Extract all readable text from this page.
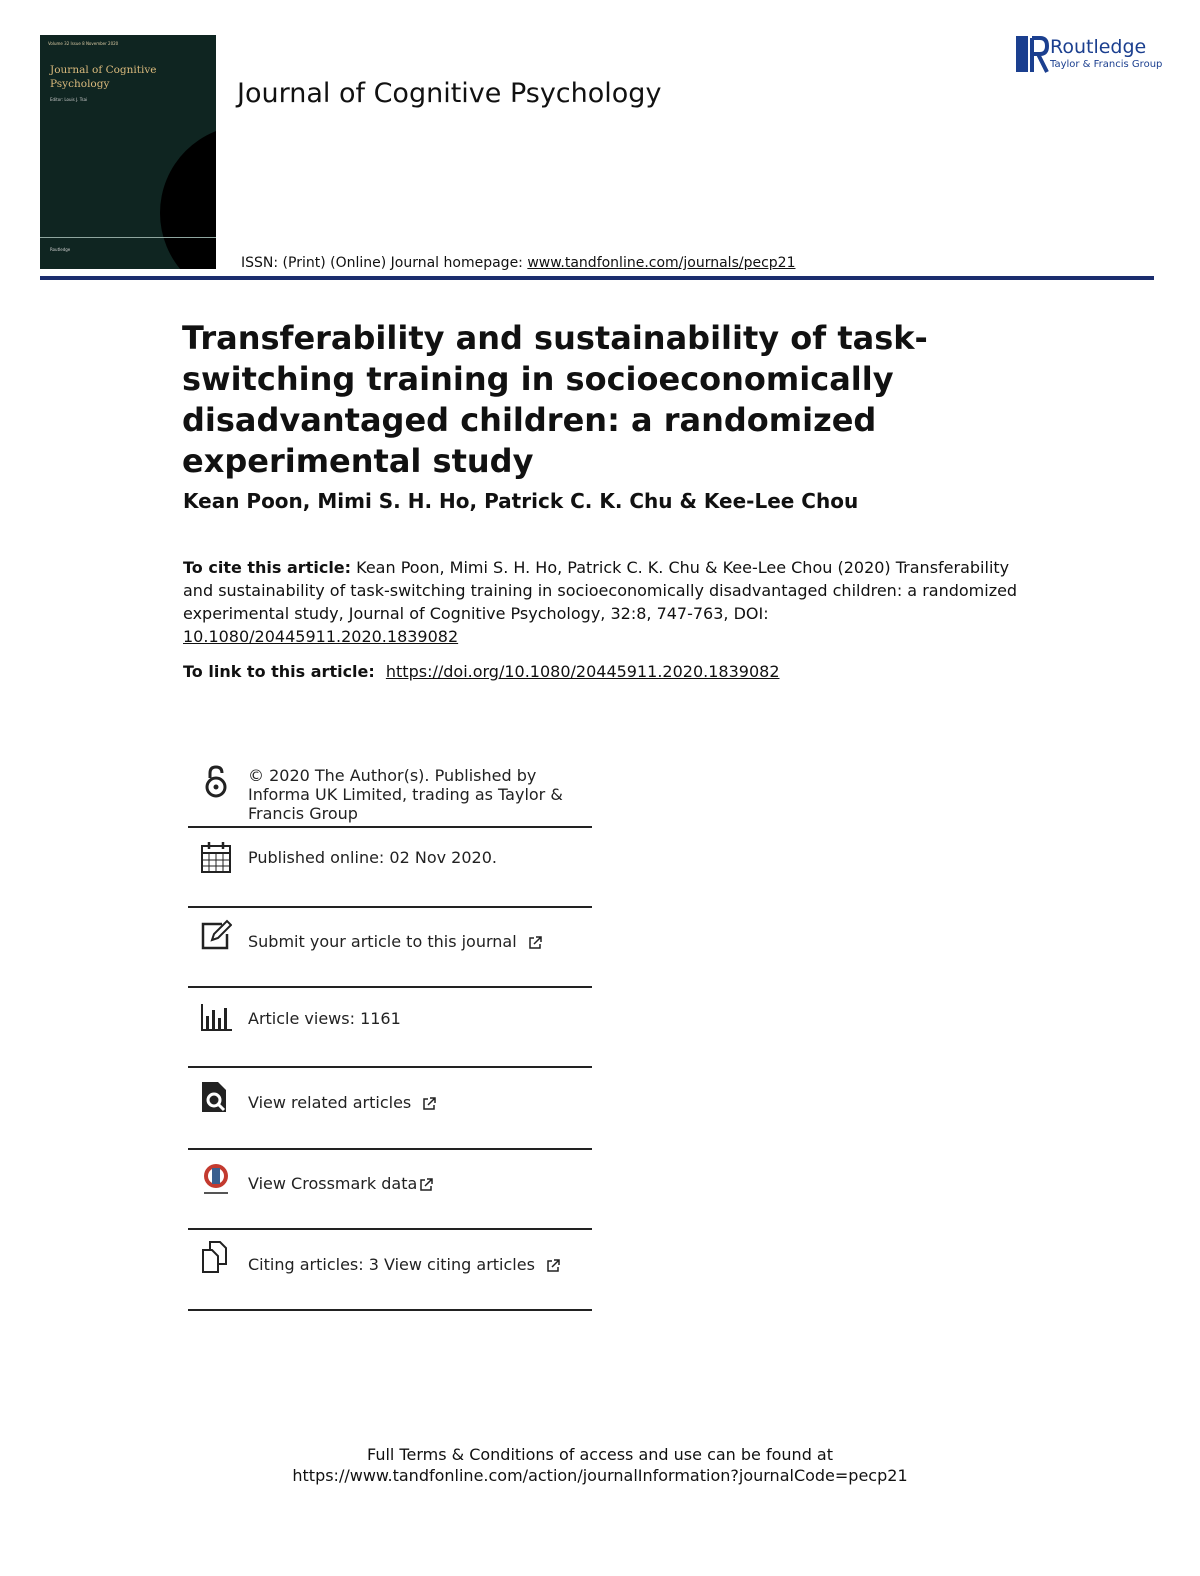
Volume 32 Issue 8 November 2020
Journal of Cognitive Psychology
Editor: Louis J. Tsai
Routledge
Journal of Cognitive Psychology
ISSN: (Print) (Online) Journal homepage: www.tandfonline.com/journals/pecp21
Routledge
Taylor & Francis Group
Transferability and sustainability of task-switching training in socioeconomically disadvantaged children: a randomized experimental study
Kean Poon, Mimi S. H. Ho, Patrick C. K. Chu & Kee-Lee Chou
To cite this article: Kean Poon, Mimi S. H. Ho, Patrick C. K. Chu & Kee-Lee Chou (2020) Transferability and sustainability of task-switching training in socioeconomically disadvantaged children: a randomized experimental study, Journal of Cognitive Psychology, 32:8, 747-763, DOI: 10.1080/20445911.2020.1839082
To link to this article: https://doi.org/10.1080/20445911.2020.1839082
© 2020 The Author(s). Published by Informa UK Limited, trading as Taylor & Francis Group
Published online: 02 Nov 2020.
Submit your article to this journal
Article views: 1161
View related articles
View Crossmark data
Citing articles: 3 View citing articles
Full Terms & Conditions of access and use can be found at
https://www.tandfonline.com/action/journalInformation?journalCode=pecp21
